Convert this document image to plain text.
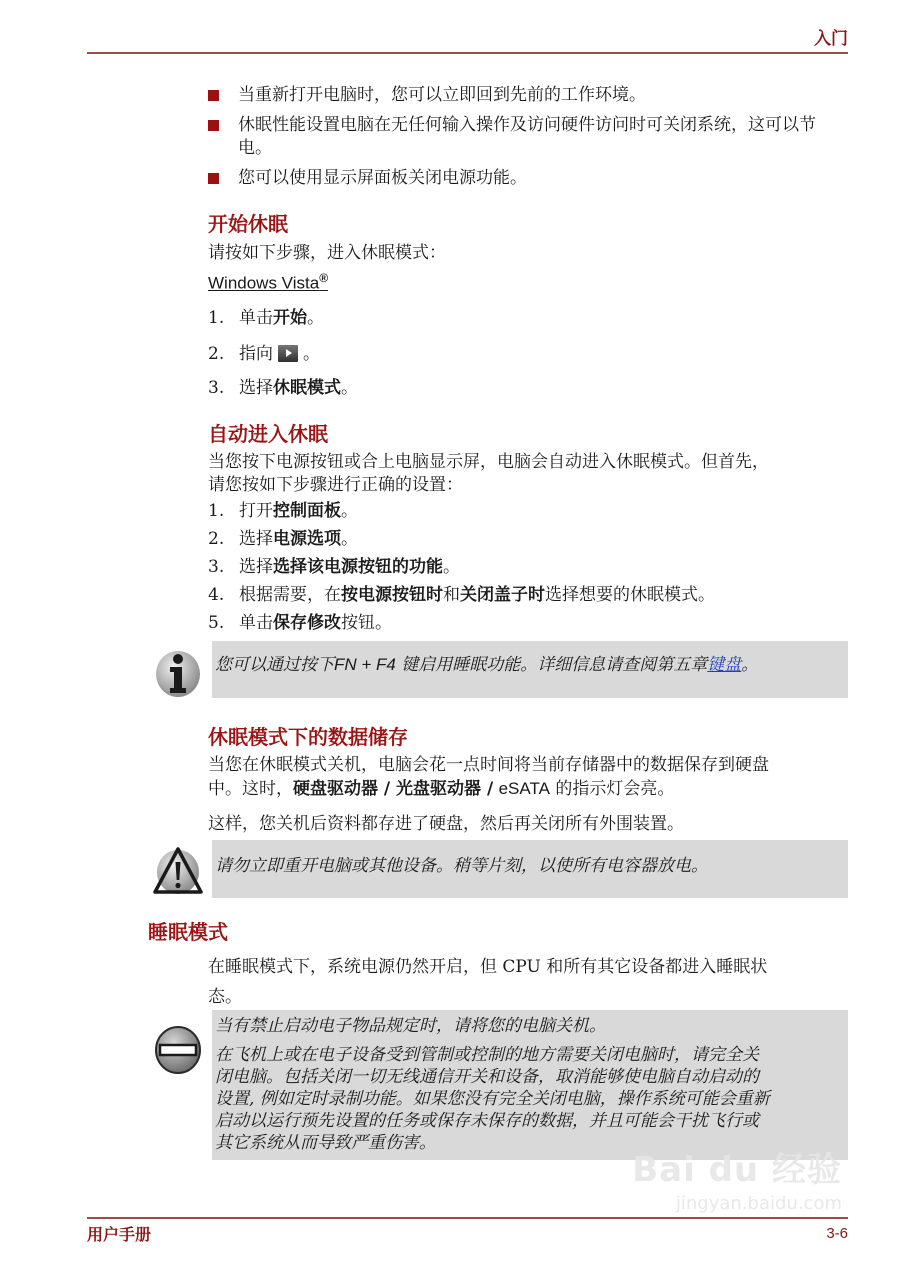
入门
当重新打开电脑时，您可以立即回到先前的工作环境。
休眠性能设置电脑在无任何输入操作及访问硬件访问时可关闭系统，这可以节电。
您可以使用显示屏面板关闭电源功能。
开始休眠
请按如下步骤，进入休眠模式：
Windows Vista®
1. 单击开始。
2. 指向 。
3. 选择休眠模式。
自动进入休眠
当您按下电源按钮或合上电脑显示屏，电脑会自动进入休眠模式。但首先，
请您按如下步骤进行正确的设置：
1. 打开控制面板。
2. 选择电源选项。
3. 选择选择该电源按钮的功能。
4. 根据需要，在按电源按钮时和关闭盖子时选择想要的休眠模式。
5. 单击保存修改按钮。
您可以通过按下FN + F4 键启用睡眠功能。详细信息请查阅第五章键盘。
休眠模式下的数据储存
当您在休眠模式关机，电脑会花一点时间将当前存储器中的数据保存到硬盘
中。这时，硬盘驱动器 / 光盘驱动器 / eSATA 的指示灯会亮。
这样，您关机后资料都存进了硬盘，然后再关闭所有外围装置。
请勿立即重开电脑或其他设备。稍等片刻，以使所有电容器放电。
睡眠模式
在睡眠模式下，系统电源仍然开启，但 CPU 和所有其它设备都进入睡眠状
态。
当有禁止启动电子物品规定时，请将您的电脑关机。
在飞机上或在电子设备受到管制或控制的地方需要关闭电脑时，请完全关
闭电脑。包括关闭一切无线通信开关和设备，取消能够使电脑自动启动的
设置, 例如定时录制功能。如果您没有完全关闭电脑，操作系统可能会重新
启动以运行预先设置的任务或保存未保存的数据，并且可能会干扰飞行或
其它系统从而导致严重伤害。
Bai du 经验
jingyan.baidu.com
用户手册	3-6
